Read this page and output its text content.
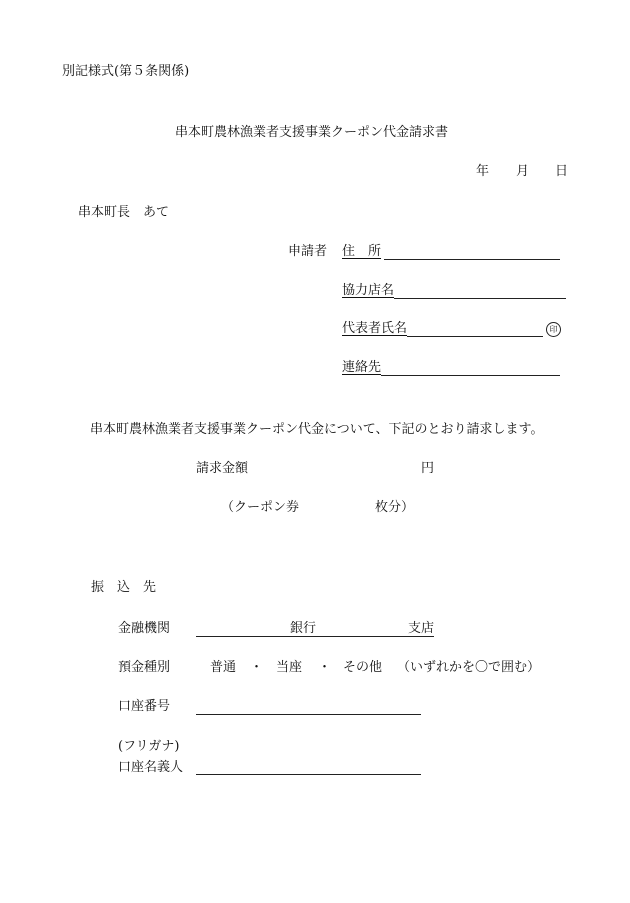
別記様式(第５条関係)
串本町農林漁業者支援事業クーポン代金請求書
年 月 日
串本町長　あて
申請者 住　所
協力店名
代表者氏名	印
連絡先
串本町農林漁業者支援事業クーポン代金について、下記のとおり請求します。
請求金額	円
（クーポン券	枚分）
振　込　先
金融機関	銀行	支店
預金種別	普通 ・ 当座 ・ その他 （いずれかを〇で囲む）
口座番号
(フリガナ)
口座名義人
